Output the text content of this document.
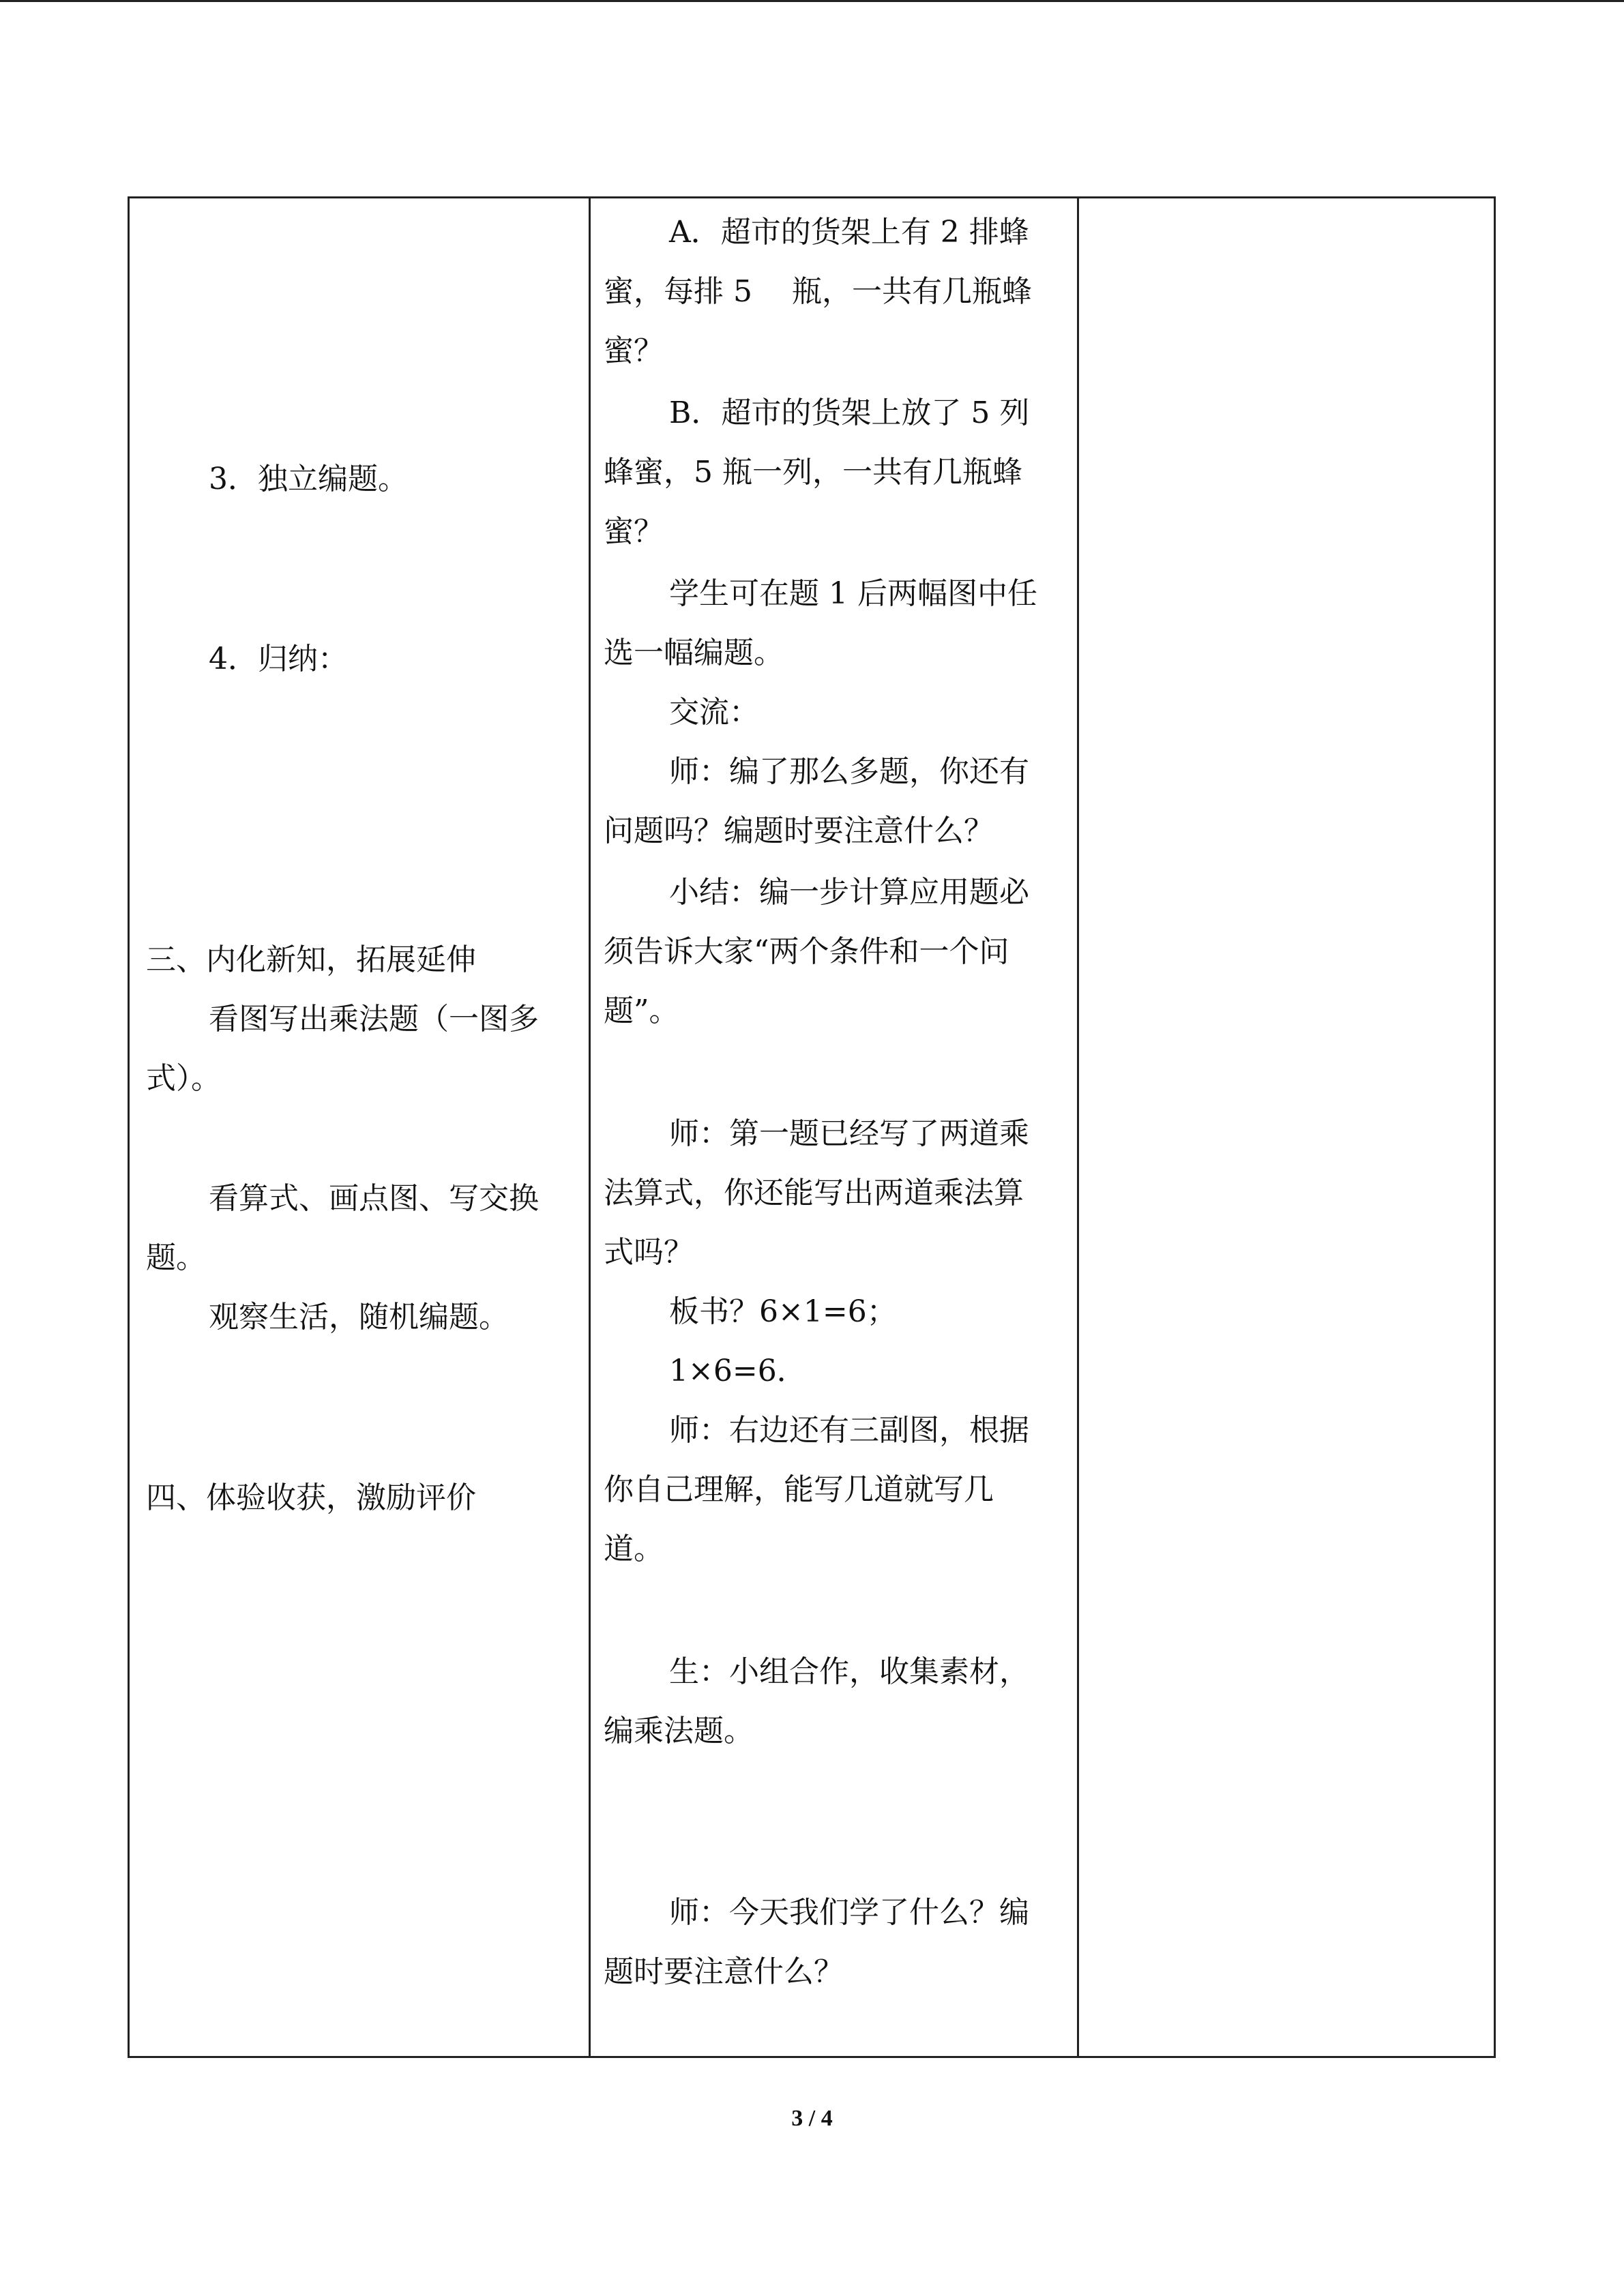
3．独立编题。
4．归纳：
三、内化新知，拓展延伸
看图写出乘法题（一图多
式）。
看算式、画点图、写交换
题。
观察生活，随机编题。
四、体验收获，激励评价
A．超市的货架上有 2 排蜂
蜜，每排 5　 瓶，一共有几瓶蜂
蜜？
B．超市的货架上放了 5 列
蜂蜜，5 瓶一列，一共有几瓶蜂
蜜？
学生可在题 1 后两幅图中任
选一幅编题。
交流：
师：编了那么多题，你还有
问题吗？编题时要注意什么？
小结：编一步计算应用题必
须告诉大家“两个条件和一个问
题”。
师：第一题已经写了两道乘
法算式，你还能写出两道乘法算
式吗？
板书？6×1=6；
1×6=6．
师：右边还有三副图，根据
你自己理解，能写几道就写几
道。
生：小组合作，收集素材，
编乘法题。
师：今天我们学了什么？编
题时要注意什么？
3 / 4
